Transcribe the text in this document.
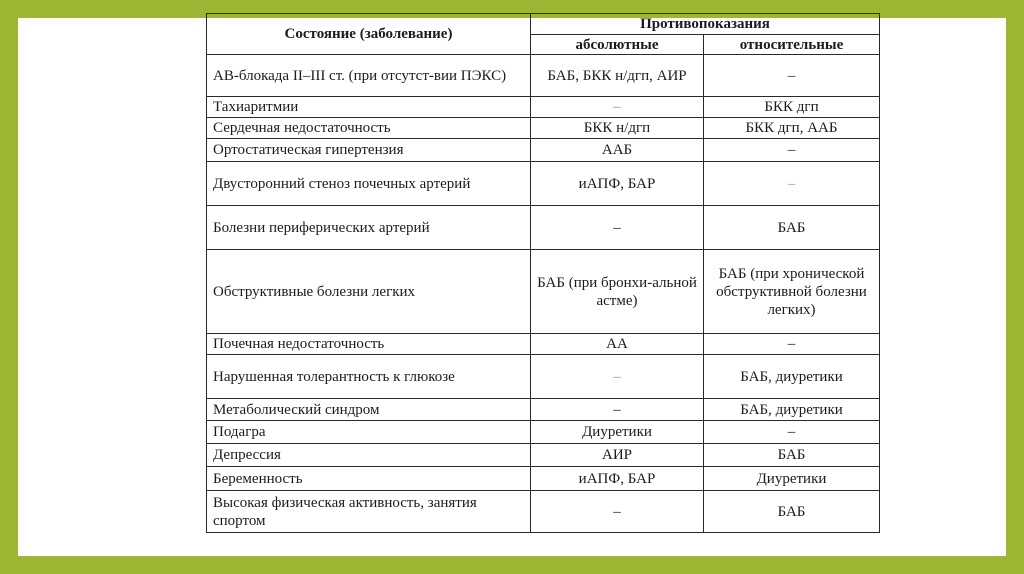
Состояние (заболевание)	Противопоказания	
	абсолютные	относительные
АВ-блокада II–III ст. (при отсутст-вии ПЭКС)	БАБ, БКК н/дгп, АИР	–
Тахиаритмии	–	БКК дгп
Сердечная недостаточность	БКК н/дгп	БКК дгп, ААБ
Ортостатическая гипертензия	ААБ	–
Двусторонний стеноз почечных артерий	иАПФ, БАР	–
Болезни периферических артерий	–	БАБ
Обструктивные болезни легких	БАБ (при бронхи-альной астме)	БАБ (при хронической обструктивной болезни легких)
Почечная недостаточность	АА	–
Нарушенная толерантность к глюкозе	–	БАБ, диуретики
Метаболический синдром	–	БАБ, диуретики
Подагра	Диуретики	–
Депрессия	АИР	БАБ
Беременность	иАПФ, БАР	Диуретики
Высокая физическая активность, занятия спортом	–	БАБ
